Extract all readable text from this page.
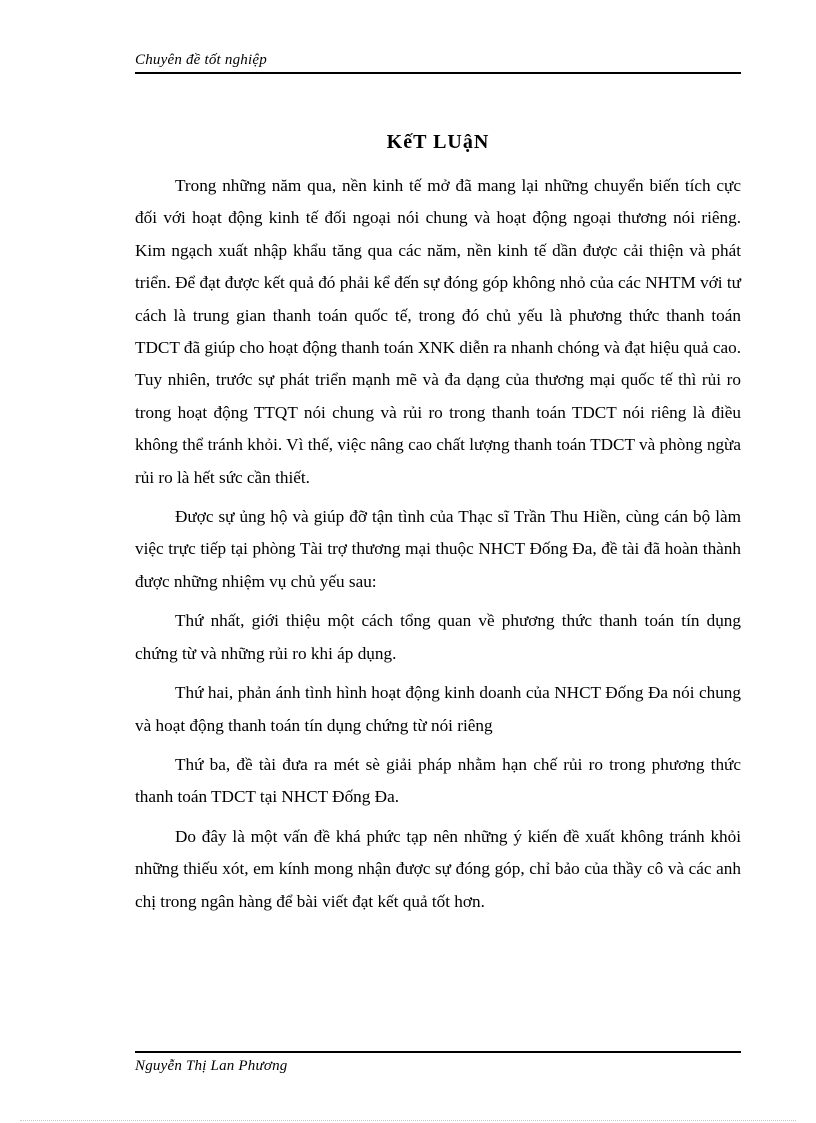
Chuyên đề tốt nghiệp
KếT LUậN

Trong những năm qua, nền kinh tế mở đã mang lại những chuyển biến tích cực đối với hoạt động kinh tế đối ngoại nói chung và hoạt động ngoại thương nói riêng. Kim ngạch xuất nhập khẩu tăng qua các năm, nền kinh tế dần được cải thiện và phát triển. Để đạt được kết quả đó phải kể đến sự đóng góp không nhỏ của các NHTM với tư cách là trung gian thanh toán quốc tế, trong đó chủ yếu là phương thức thanh toán TDCT đã giúp cho hoạt động thanh toán XNK diễn ra nhanh chóng và đạt hiệu quả cao. Tuy nhiên, trước sự phát triển mạnh mẽ và đa dạng của thương mại quốc tế thì rủi ro trong hoạt động TTQT nói chung và rủi ro trong thanh toán TDCT nói riêng là điều không thể tránh khỏi. Vì thế, việc nâng cao chất lượng thanh toán TDCT và phòng ngừa rủi ro là hết sức cần thiết.

Được sự ủng hộ và giúp đỡ tận tình của Thạc sĩ Trần Thu Hiền, cùng cán bộ làm việc trực tiếp tại phòng Tài trợ thương mại thuộc NHCT Đống Đa, đề tài đã hoàn thành được những nhiệm vụ chủ yếu sau:

Thứ nhất, giới thiệu một cách tổng quan về phương thức thanh toán tín dụng chứng từ và những rủi ro khi áp dụng.

Thứ hai, phản ánh tình hình hoạt động kinh doanh của NHCT Đống Đa nói chung và hoạt động thanh toán tín dụng chứng từ nói riêng

Thứ ba, đề tài đưa ra mét sè giải pháp nhằm hạn chế rủi ro trong phương thức thanh toán TDCT tại NHCT Đống Đa.

Do đây là một vấn đề khá phức tạp nên những ý kiến đề xuất không tránh khỏi những thiếu xót, em kính mong nhận được sự đóng góp, chỉ bảo của thầy cô và các anh chị trong ngân hàng để bài viết đạt kết quả tốt hơn.

Nguyễn Thị Lan Phương
